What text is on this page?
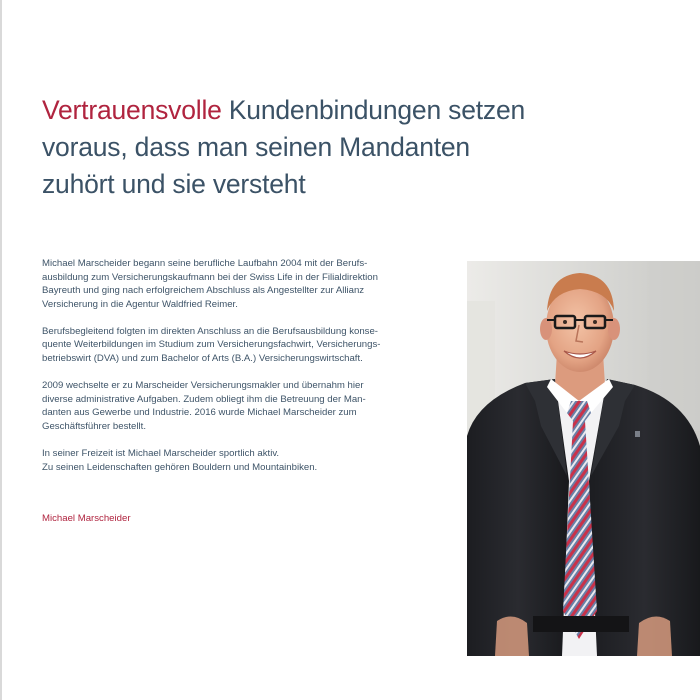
Vertrauensvolle Kundenbindungen setzen
voraus, dass man seinen Mandanten
zuhört und sie versteht

Michael Marscheider begann seine berufliche Laufbahn 2004 mit der Berufs-
ausbildung zum Versicherungskaufmann bei der Swiss Life in der Filialdirektion
Bayreuth und ging nach erfolgreichem Abschluss als Angestellter zur Allianz
Versicherung in die Agentur Waldfried Reimer.

Berufsbegleitend folgten im direkten Anschluss an die Berufsausbildung konse-
quente Weiterbildungen im Studium zum Versicherungsfachwirt, Versicherungs-
betriebswirt (DVA) und zum Bachelor of Arts (B.A.) Versicherungswirtschaft.

2009 wechselte er zu Marscheider Versicherungsmakler und übernahm hier
diverse administrative Aufgaben. Zudem obliegt ihm die Betreuung der Man-
danten aus Gewerbe und Industrie. 2016 wurde Michael Marscheider zum
Geschäftsführer bestellt.

In seiner Freizeit ist Michael Marscheider sportlich aktiv.
Zu seinen Leidenschaften gehören Bouldern und Mountainbiken.

Michael Marscheider
